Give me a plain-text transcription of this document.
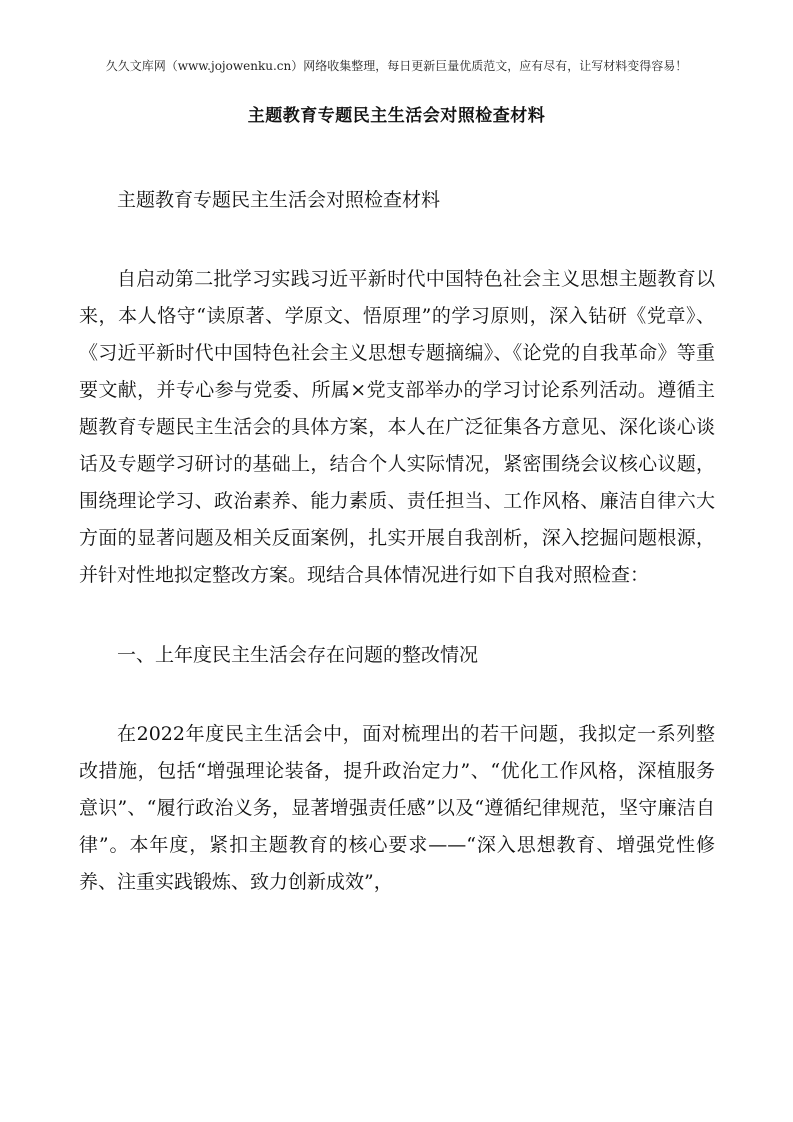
久久文库网（www.jojowenku.cn）网络收集整理，每日更新巨量优质范文，应有尽有，让写材料变得容易！
主题教育专题民主生活会对照检查材料

主题教育专题民主生活会对照检查材料

自启动第二批学习实践习近平新时代中国特色社会主义思想主题教育以来，本人恪守“读原著、学原文、悟原理”的学习原则，深入钻研《党章》、《习近平新时代中国特色社会主义思想专题摘编》、《论党的自我革命》等重要文献，并专心参与党委、所属×党支部举办的学习讨论系列活动。遵循主题教育专题民主生活会的具体方案，本人在广泛征集各方意见、深化谈心谈话及专题学习研讨的基础上，结合个人实际情况，紧密围绕会议核心议题，围绕理论学习、政治素养、能力素质、责任担当、工作风格、廉洁自律六大方面的显著问题及相关反面案例，扎实开展自我剖析，深入挖掘问题根源，并针对性地拟定整改方案。现结合具体情况进行如下自我对照检查：

一、上年度民主生活会存在问题的整改情况

在2022年度民主生活会中，面对梳理出的若干问题，我拟定一系列整改措施，包括“增强理论装备，提升政治定力”、“优化工作风格，深植服务意识”、“履行政治义务，显著增强责任感”以及“遵循纪律规范，坚守廉洁自律”。本年度，紧扣主题教育的核心要求——“深入思想教育、增强党性修养、注重实践锻炼、致力创新成效”，
